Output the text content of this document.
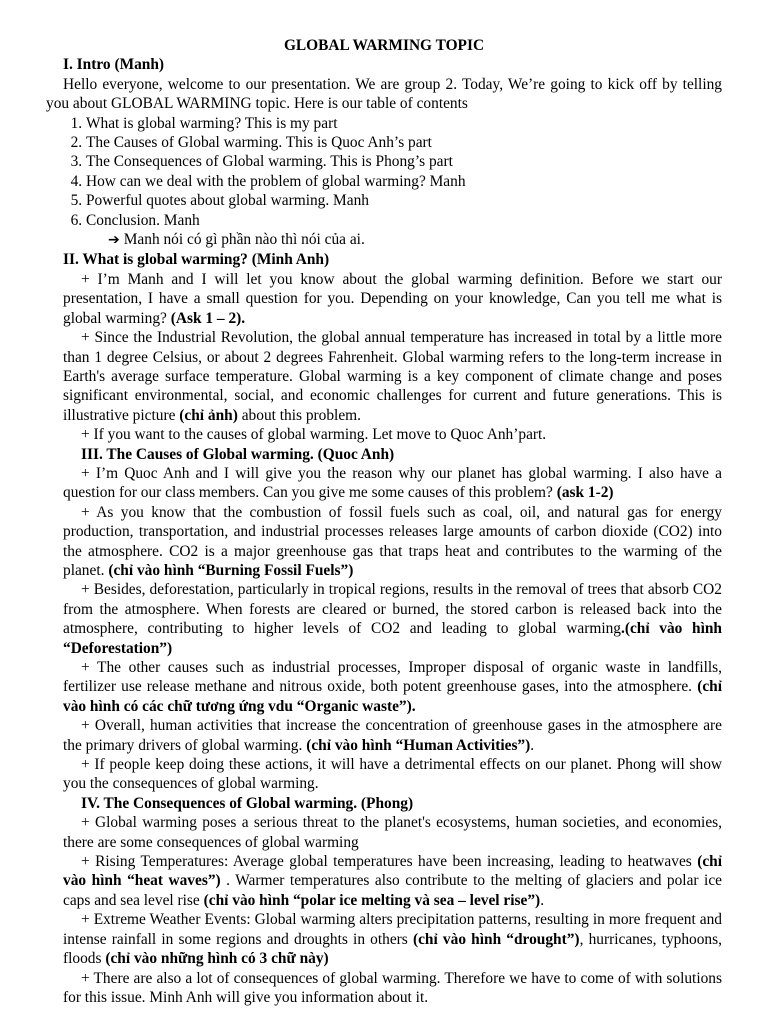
GLOBAL WARMING TOPIC
I. Intro (Manh)
Hello everyone, welcome to our presentation. We are group 2. Today, We’re going to kick off by telling you about GLOBAL WARMING topic. Here is our table of contents
1. What is global warming? This is my part
2. The Causes of Global warming. This is Quoc Anh’s part
3. The Consequences of Global warming. This is Phong’s part
4. How can we deal with the problem of global warming? Manh
5. Powerful quotes about global warming. Manh
6. Conclusion. Manh
➔ Manh nói có gì phần nào thì nói của ai.
II. What is global warming? (Minh Anh)
+ I’m Manh and I will let you know about the global warming definition. Before we start our presentation, I have a small question for you. Depending on your knowledge, Can you tell me what is global warming? (Ask 1 – 2).
+ Since the Industrial Revolution, the global annual temperature has increased in total by a little more than 1 degree Celsius, or about 2 degrees Fahrenheit. Global warming refers to the long-term increase in Earth's average surface temperature. Global warming is a key component of climate change and poses significant environmental, social, and economic challenges for current and future generations. This is illustrative picture (chỉ ảnh) about this problem.
+ If you want to the causes of global warming. Let move to Quoc Anh’part.
III. The Causes of Global warming. (Quoc Anh)
+ I’m Quoc Anh and I will give you the reason why our planet has global warming. I also have a question for our class members. Can you give me some causes of this problem? (ask 1-2)
+ As you know that the combustion of fossil fuels such as coal, oil, and natural gas for energy production, transportation, and industrial processes releases large amounts of carbon dioxide (CO2) into the atmosphere. CO2 is a major greenhouse gas that traps heat and contributes to the warming of the planet. (chỉ vào hình “Burning Fossil Fuels”)
+ Besides, deforestation, particularly in tropical regions, results in the removal of trees that absorb CO2 from the atmosphere. When forests are cleared or burned, the stored carbon is released back into the atmosphere, contributing to higher levels of CO2 and leading to global warming.(chỉ vào hình “Deforestation”)
+ The other causes such as industrial processes, Improper disposal of organic waste in landfills, fertilizer use release methane and nitrous oxide, both potent greenhouse gases, into the atmosphere. (chỉ vào hình có các chữ tương ứng vdu “Organic waste”).
+ Overall, human activities that increase the concentration of greenhouse gases in the atmosphere are the primary drivers of global warming. (chỉ vào hình “Human Activities”).
+ If people keep doing these actions, it will have a detrimental effects on our planet. Phong will show you the consequences of global warming.
IV. The Consequences of Global warming. (Phong)
+ Global warming poses a serious threat to the planet's ecosystems, human societies, and economies, there are some consequences of global warming
+ Rising Temperatures: Average global temperatures have been increasing, leading to heatwaves (chỉ vào hình “heat waves”) . Warmer temperatures also contribute to the melting of glaciers and polar ice caps and sea level rise (chỉ vào hình “polar ice melting và sea – level rise”).
+ Extreme Weather Events: Global warming alters precipitation patterns, resulting in more frequent and intense rainfall in some regions and droughts in others (chỉ vào hình “drought”), hurricanes, typhoons, floods (chỉ vào những hình có 3 chữ này)
+ There are also a lot of consequences of global warming. Therefore we have to come of with solutions for this issue. Minh Anh will give you information about it.
